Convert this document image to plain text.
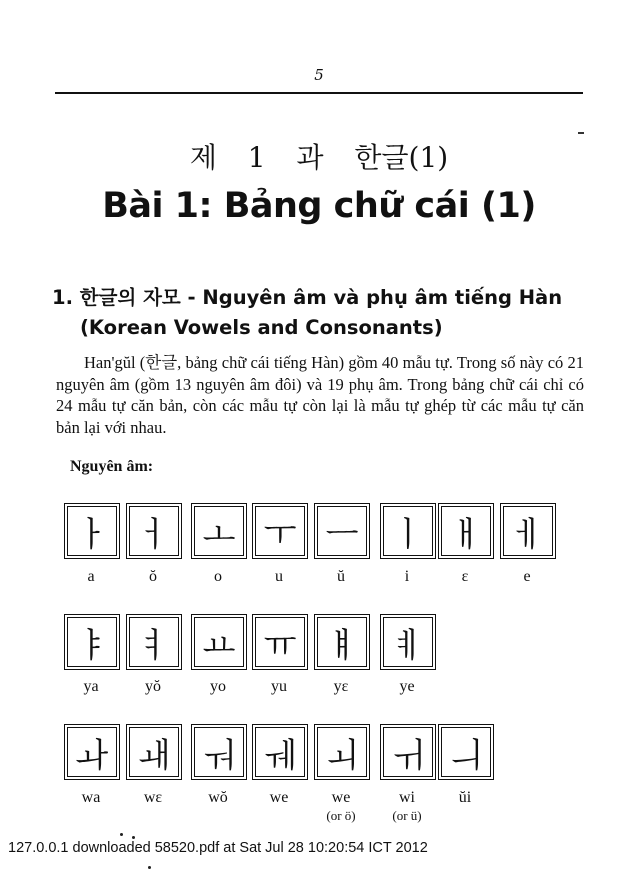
5
제 1 과 한글(1)
Bài 1: Bảng chữ cái (1)
1. 한글의 자모 - Nguyên âm và phụ âm tiếng Hàn
(Korean Vowels and Consonants)
Han'gŭl (한글, bảng chữ cái tiếng Hàn) gồm 40 mẫu tự. Trong số này có 21 nguyên âm (gồm 13 nguyên âm đôi) và 19 phụ âm. Trong bảng chữ cái chỉ có 24 mẫu tự căn bản, còn các mẫu tự còn lại là mẫu tự ghép từ các mẫu tự căn bản lại với nhau.
Nguyên âm:
ㅏ
a
ㅓ
ŏ
ㅗ
o
ㅜ
u
ㅡ
ŭ
ㅣ
i
ㅐ
ɛ
ㅔ
e
ㅑ
ya
ㅕ
yŏ
ㅛ
yo
ㅠ
yu
ㅒ
yɛ
ㅖ
ye
ㅘ
wa
ㅙ
wɛ
ㅝ
wŏ
ㅞ
we
ㅚ
we
(or ö)
ㅟ
wi
(or ü)
ㅢ
ŭi
127.0.0.1 downloaded 58520.pdf at Sat Jul 28 10:20:54 ICT 2012
